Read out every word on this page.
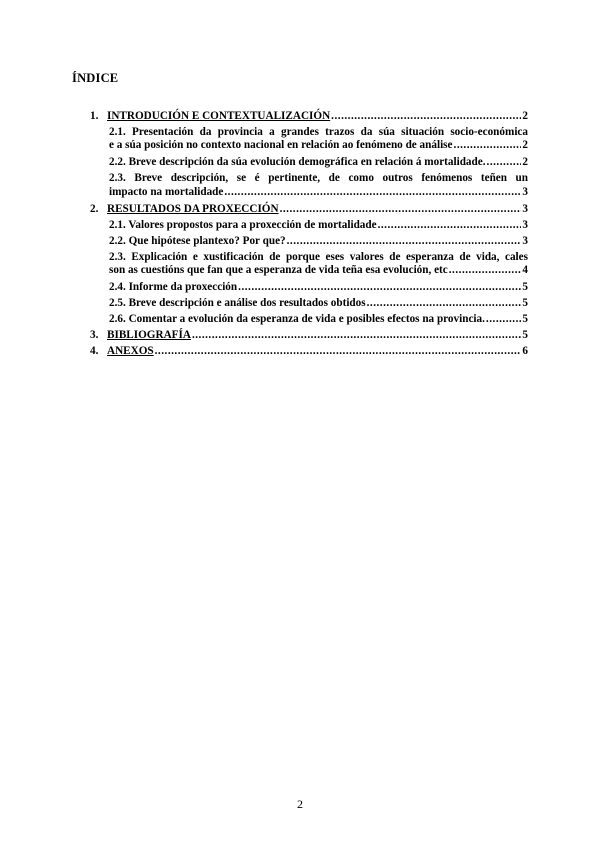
ÍNDICE
1. INTRODUCIÓN E CONTEXTUALIZACIÓN .....	2
2.1. Presentación da provincia a grandes trazos da súa situación socio-económica
e a súa posición no contexto nacional en relación ao fenómeno de análise .....	2
2.2. Breve descripción da súa evolución demográfica en relación á mortalidade. .....	2
2.3. Breve descripción, se é pertinente, de como outros fenómenos teñen un
impacto na mortalidade .....	3
2. RESULTADOS DA PROXECCIÓN .....	3
2.1. Valores propostos para a proxección de mortalidade .....	3
2.2. Que hipótese plantexo? Por que? .....	3
2.3. Explicación e xustificación de porque eses valores de esperanza de vida, cales
son as cuestións que fan que a esperanza de vida teña esa evolución, etc .....	4
2.4. Informe da proxección .....	5
2.5. Breve descripción e análise dos resultados obtidos .....	5
2.6. Comentar a evolución da esperanza de vida e posibles efectos na provincia. .....	5
3. BIBLIOGRAFÍA .....	5
4. ANEXOS .....	6
2
